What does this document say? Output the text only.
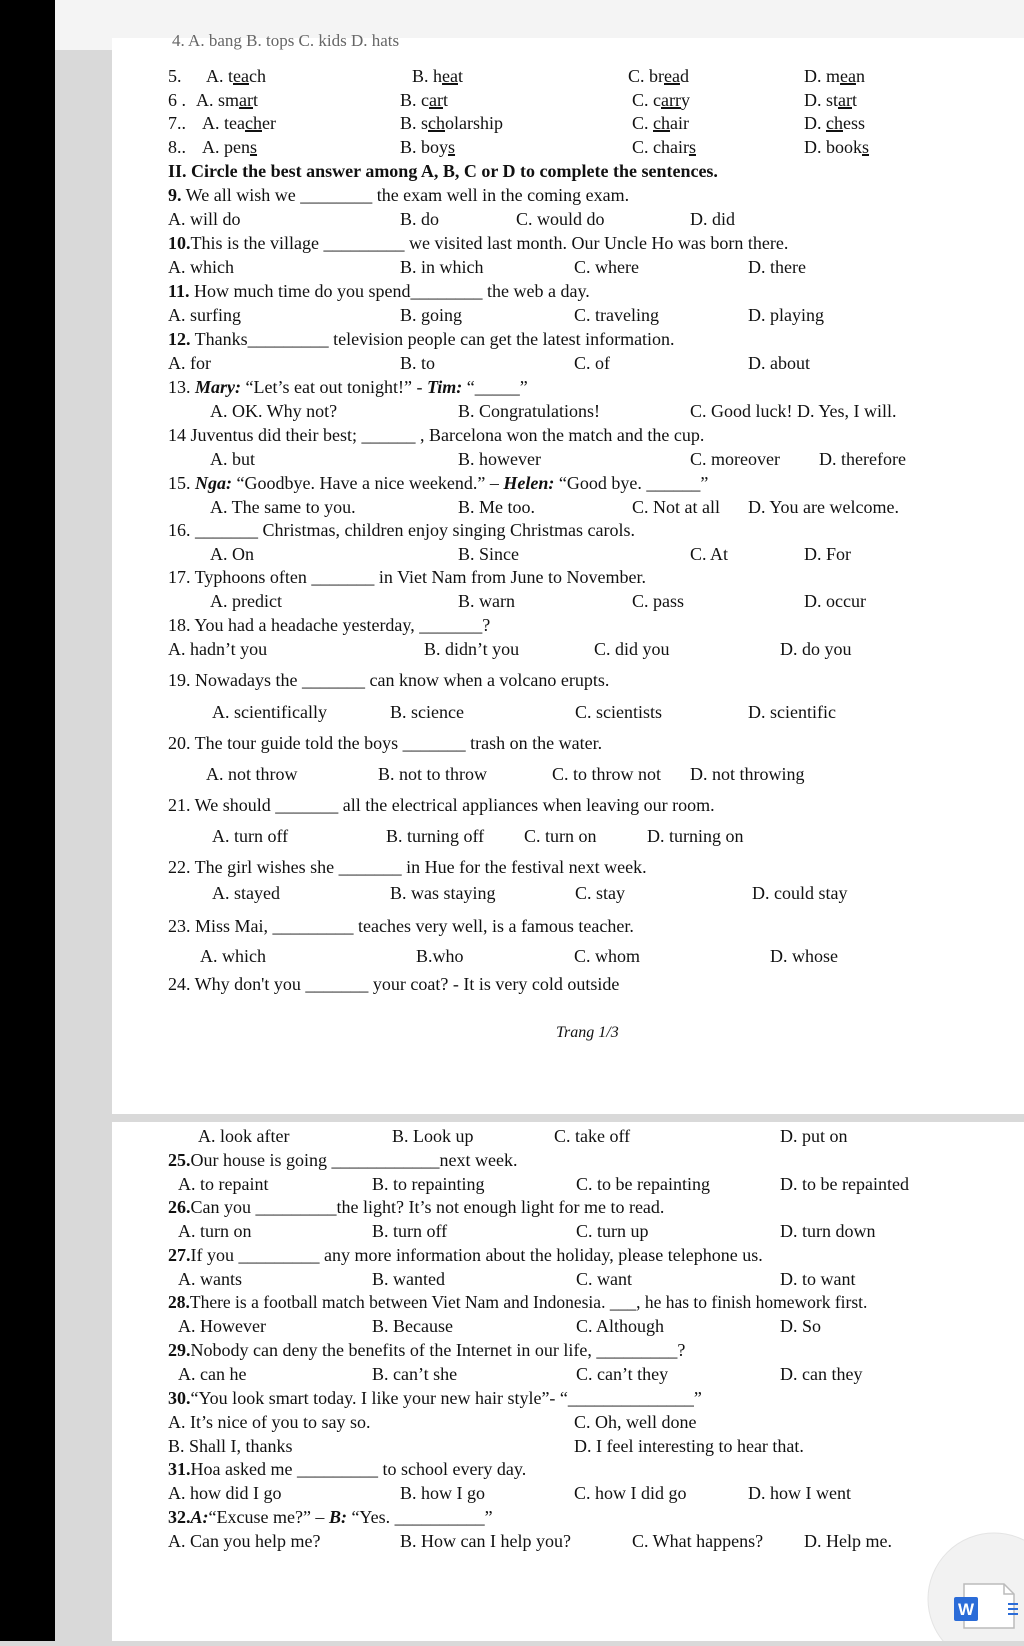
4. A. bang B. tops C. kids D. hats
5. A. teach	B. heat	C. bread	D. mean
6 . A. smart	B. cart	C. carry	D. start
7.. A. teacher	B. scholarship	C. chair	D. chess
8.. A. pens	B. boys	C. chairs	D. books
II. Circle the best answer among A, B, C or D to complete the sentences.
9. We all wish we ________ the exam well in the coming exam.
A. will do	B. do	C. would do	D. did
10.This is the village _________ we visited last month. Our Uncle Ho was born there.
A. which	B. in which	C. where	D. there
11. How much time do you spend________ the web a day.
A. surfing	B. going	C. traveling	D. playing
12. Thanks_________ television people can get the latest information.
A. for	B. to	C. of	D. about
13. Mary: “Let’s eat out tonight!” - Tim: “_____”
A. OK. Why not?	B. Congratulations!	C. Good luck! D. Yes, I will.
14 Juventus did their best; ______ , Barcelona won the match and the cup.
A. but	B. however	C. moreover D. therefore
15. Nga: “Goodbye. Have a nice weekend.” – Helen: “Good bye. ______”
A. The same to you.	B. Me too.	C. Not at all D. You are welcome.
16. _______ Christmas, children enjoy singing Christmas carols.
A. On	B. Since	C. At	D. For
17. Typhoons often _______ in Viet Nam from June to November.
A. predict	B. warn	C. pass	D. occur
18. You had a headache yesterday, _______?
A. hadn’t you	B. didn’t you	C. did you	D. do you
19. Nowadays the _______ can know when a volcano erupts.
A. scientifically	B. science	C. scientists	D. scientific
20. The tour guide told the boys _______ trash on the water.
A. not throw	B. not to throw	C. to throw not D. not throwing
21. We should _______ all the electrical appliances when leaving our room.
A. turn off	B. turning off C. turn on	D. turning on
22. The girl wishes she _______ in Hue for the festival next week.
A. stayed	B. was staying	C. stay	D. could stay
23. Miss Mai, _________ teaches very well, is a famous teacher.
A. which	B.who	C. whom	D. whose
24. Why don't you _______ your coat? - It is very cold outside
Trang 1/3
A. look after	B. Look up	C. take off	D. put on
25.Our house is going ____________next week.
A. to repaint	B. to repainting	C. to be repainting	D. to be repainted
26.Can you _________the light? It’s not enough light for me to read.
A. turn on	B. turn off	C. turn up	D. turn down
27.If you _________ any more information about the holiday, please telephone us.
A. wants	B. wanted	C. want	D. to want
28.There is a football match between Viet Nam and Indonesia. ___, he has to finish homework first.
A. However	B. Because	C. Although	D. So
29.Nobody can deny the benefits of the Internet in our life, _________?
A. can he	B. can’t she	C. can’t they	D. can they
30.“You look smart today. I like your new hair style”- “______________”
A. It’s nice of you to say so.	C. Oh, well done
B. Shall I, thanks	D. I feel interesting to hear that.
31.Hoa asked me _________ to school every day.
A. how did I go	B. how I go	C. how I did go	D. how I went
32.A:“Excuse me?” – B: “Yes. __________”
A. Can you help me?	B. How can I help you?	C. What happens? D. Help me.
W
